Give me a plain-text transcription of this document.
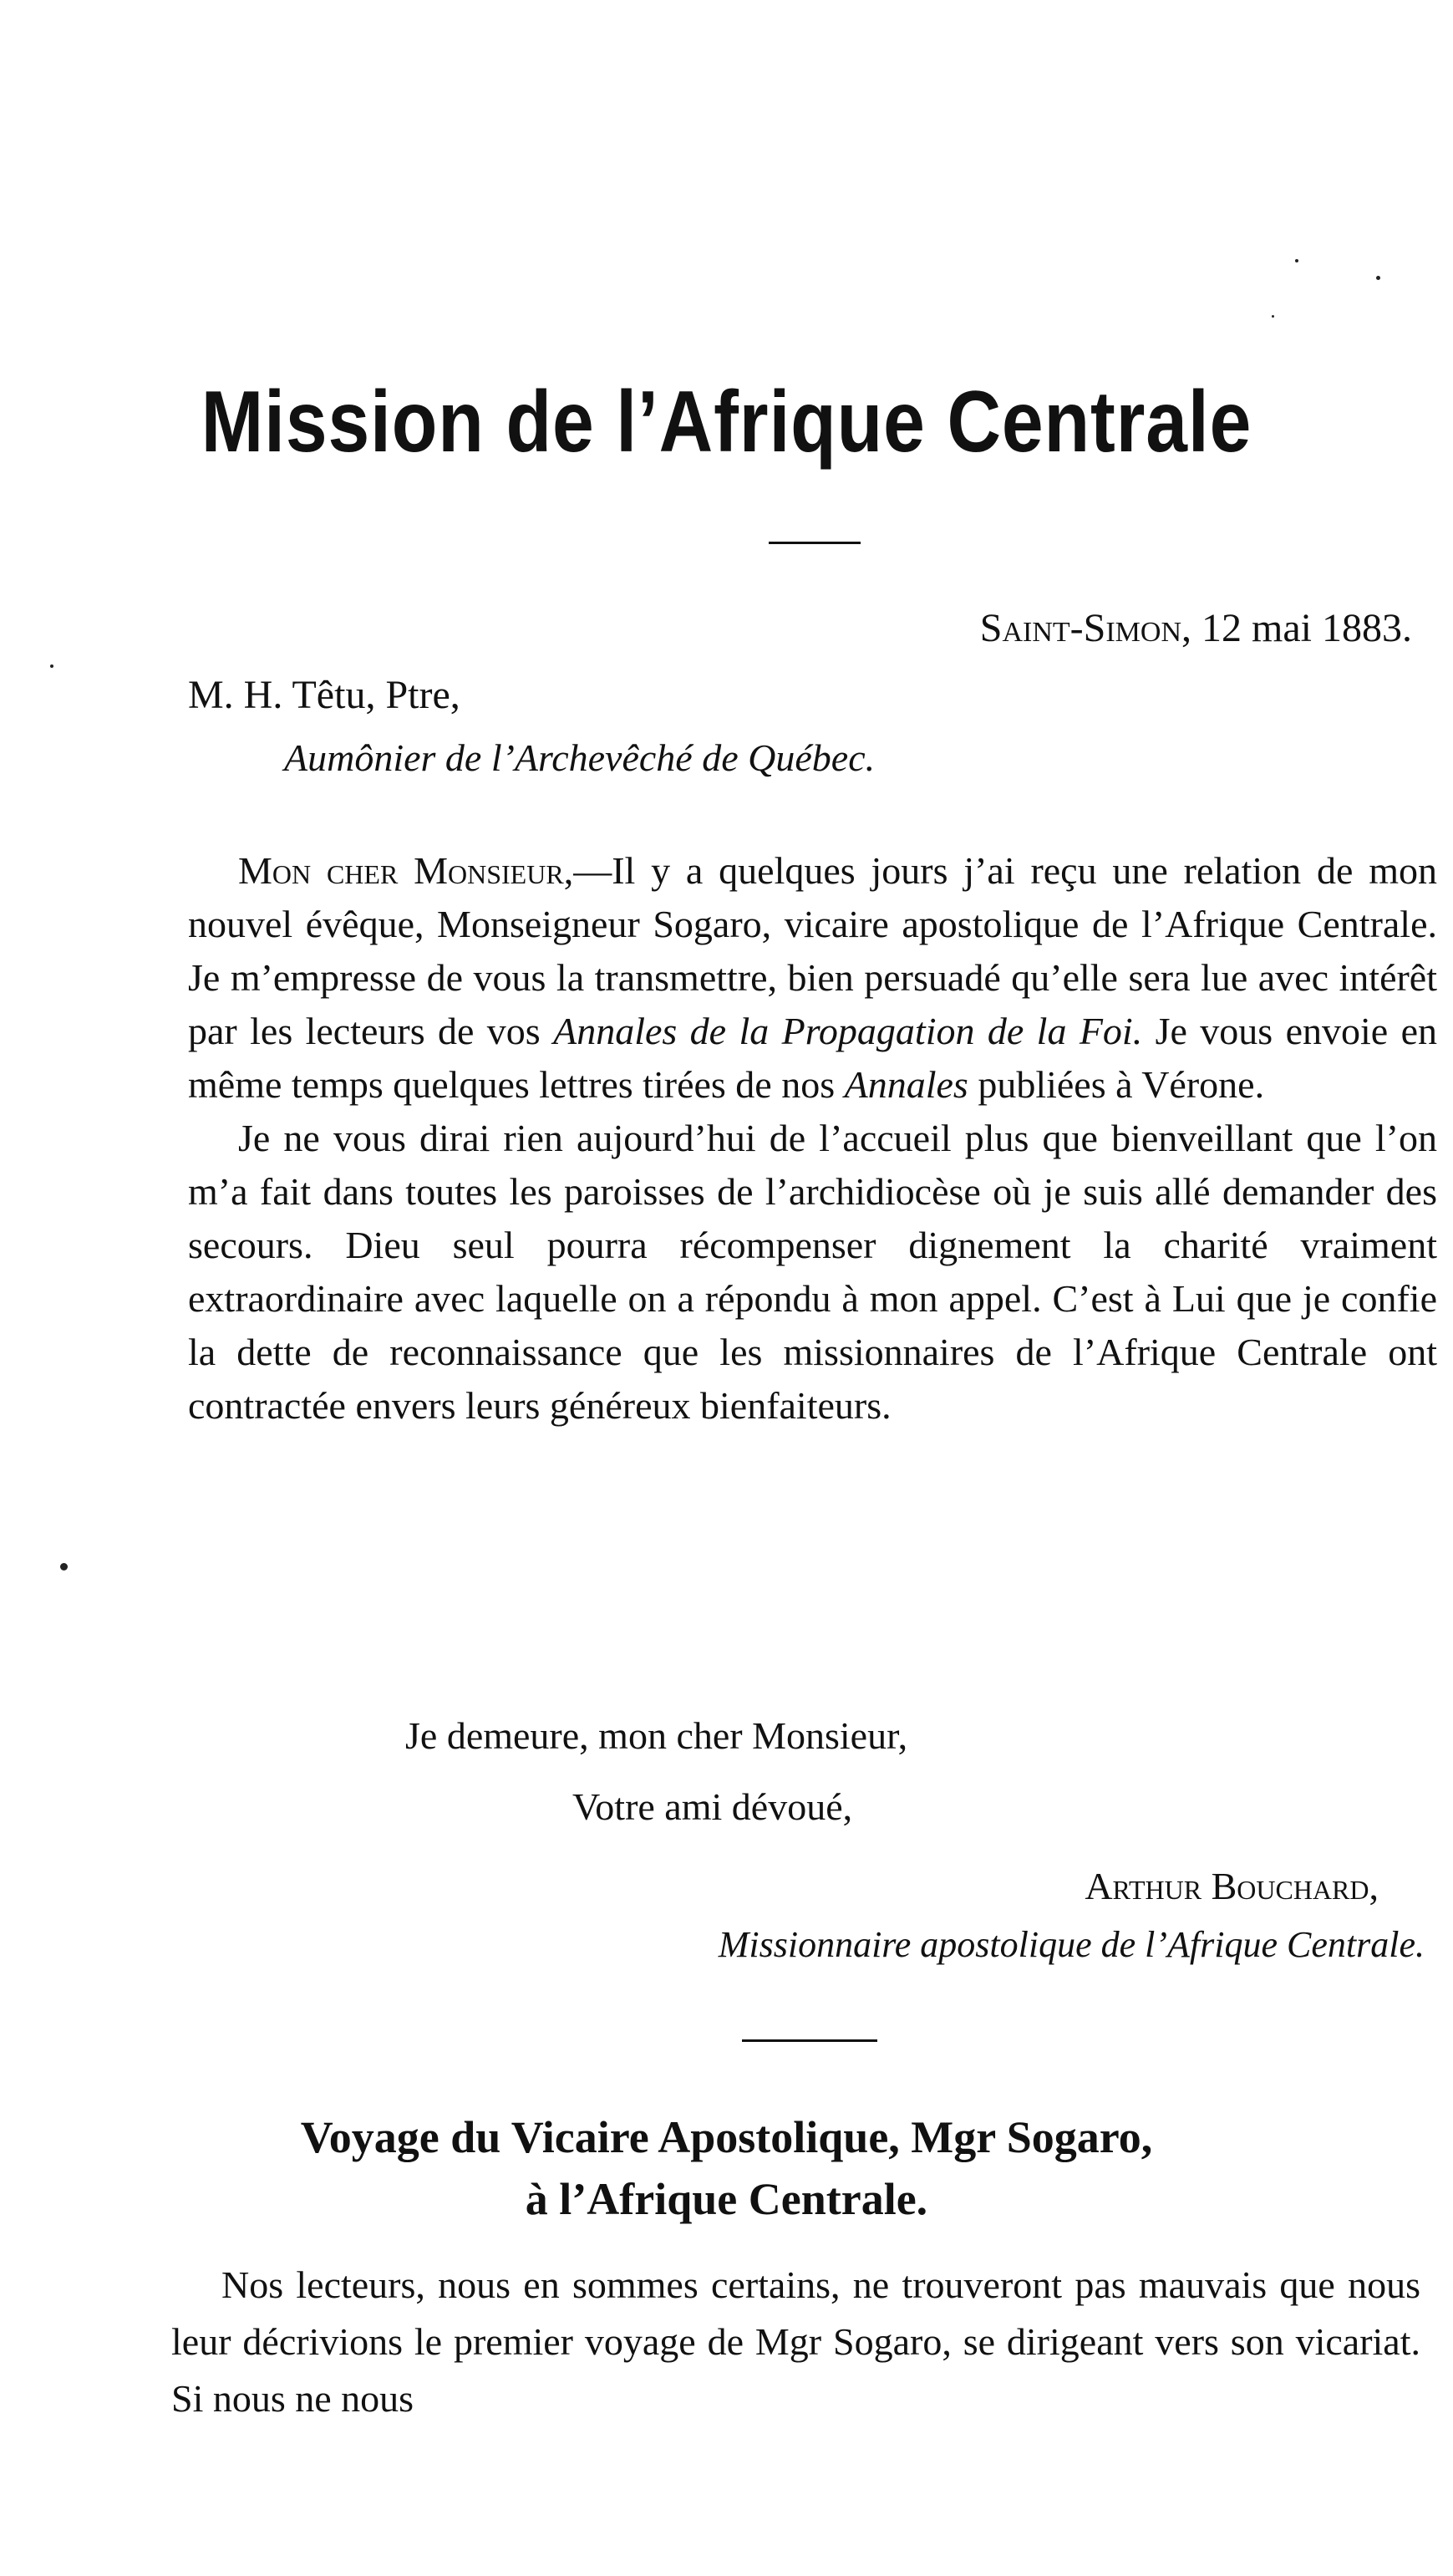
Mission de l’Afrique Centrale
Saint-Simon, 12 mai 1883.
M. H. Têtu, Ptre,
Aumônier de l’Archevêché de Québec.

Mon cher Monsieur,—Il y a quelques jours j’ai reçu une relation de mon nouvel évêque, Monseigneur Sogaro, vicaire apostolique de l’Afrique Centrale. Je m’empresse de vous la transmettre, bien persuadé qu’elle sera lue avec intérêt par les lecteurs de vos Annales de la Propagation de la Foi. Je vous envoie en même temps quelques lettres tirées de nos Annales publiées à Vérone.

Je ne vous dirai rien aujourd’hui de l’accueil plus que bienveillant que l’on m’a fait dans toutes les paroisses de l’archidiocèse où je suis allé demander des secours. Dieu seul pourra récompenser dignement la charité vraiment extraordinaire avec laquelle on a répondu à mon appel. C’est à Lui que je confie la dette de reconnaissance que les missionnaires de l’Afrique Centrale ont contractée envers leurs généreux bienfaiteurs.

Je demeure, mon cher Monsieur,
Votre ami dévoué,
Arthur Bouchard,
Missionnaire apostolique de l’Afrique Centrale.
Voyage du Vicaire Apostolique, Mgr Sogaro,
à l’Afrique Centrale.

Nos lecteurs, nous en sommes certains, ne trouveront pas mauvais que nous leur décrivions le premier voyage de Mgr Sogaro, se dirigeant vers son vicariat. Si nous ne nous
